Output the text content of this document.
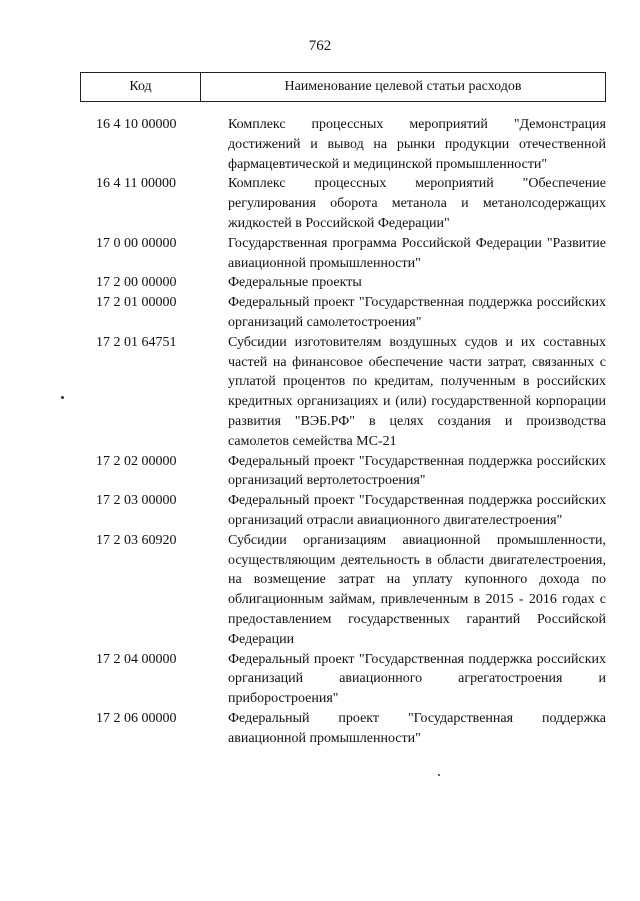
762
Код	Наименование целевой статьи расходов
16 4 10 00000	Комплекс процессных мероприятий "Демонстрация достижений и вывод на рынки продукции отечественной фармацевтической и медицинской промышленности"
16 4 11 00000	Комплекс процессных мероприятий "Обеспечение регулирования оборота метанола и метанолсодержащих жидкостей в Российской Федерации"
17 0 00 00000	Государственная программа Российской Федерации "Развитие авиационной промышленности"
17 2 00 00000	Федеральные проекты
17 2 01 00000	Федеральный проект "Государственная поддержка российских организаций самолетостроения"
17 2 01 64751	Субсидии изготовителям воздушных судов и их составных частей на финансовое обеспечение части затрат, связанных с уплатой процентов по кредитам, полученным в российских кредитных организациях и (или) государственной корпорации развития "ВЭБ.РФ" в целях создания и производства самолетов семейства МС-21
17 2 02 00000	Федеральный проект "Государственная поддержка российских организаций вертолетостроения"
17 2 03 00000	Федеральный проект "Государственная поддержка российских организаций отрасли авиационного двигателестроения"
17 2 03 60920	Субсидии организациям авиационной промышленности, осуществляющим деятельность в области двигателестроения, на возмещение затрат на уплату купонного дохода по облигационным займам, привлеченным в 2015 - 2016 годах с предоставлением государственных гарантий Российской Федерации
17 2 04 00000	Федеральный проект "Государственная поддержка российских организаций авиационного агрегатостроения и приборостроения"
17 2 06 00000	Федеральный проект "Государственная поддержка авиационной промышленности"
